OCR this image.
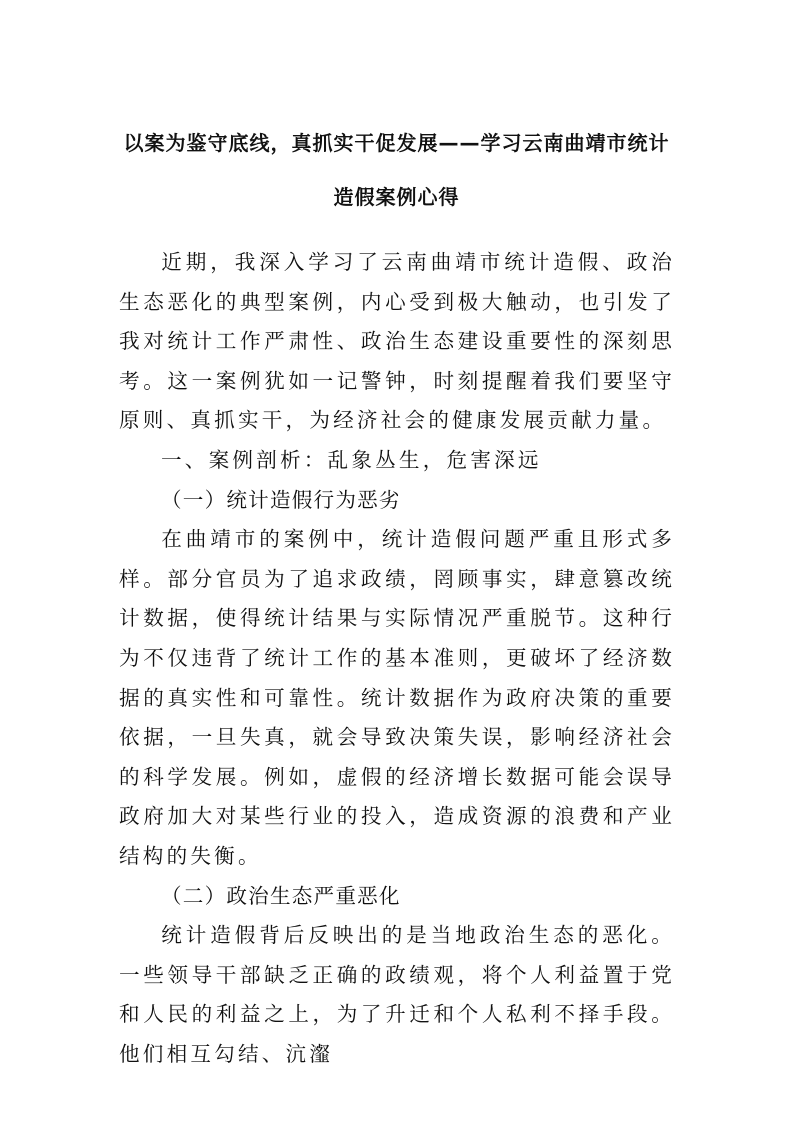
以案为鉴守底线，真抓实干促发展——学习云南曲靖市统计
造假案例心得

近期，我深入学习了云南曲靖市统计造假、政治生态恶化的典型案例，内心受到极大触动，也引发了我对统计工作严肃性、政治生态建设重要性的深刻思考。这一案例犹如一记警钟，时刻提醒着我们要坚守原则、真抓实干，为经济社会的健康发展贡献力量。

一、案例剖析：乱象丛生，危害深远

（一）统计造假行为恶劣

在曲靖市的案例中，统计造假问题严重且形式多样。部分官员为了追求政绩，罔顾事实，肆意篡改统计数据，使得统计结果与实际情况严重脱节。这种行为不仅违背了统计工作的基本准则，更破坏了经济数据的真实性和可靠性。统计数据作为政府决策的重要依据，一旦失真，就会导致决策失误，影响经济社会的科学发展。例如，虚假的经济增长数据可能会误导政府加大对某些行业的投入，造成资源的浪费和产业结构的失衡。

（二）政治生态严重恶化

统计造假背后反映出的是当地政治生态的恶化。一些领导干部缺乏正确的政绩观，将个人利益置于党和人民的利益之上，为了升迁和个人私利不择手段。他们相互勾结、沆瀣
